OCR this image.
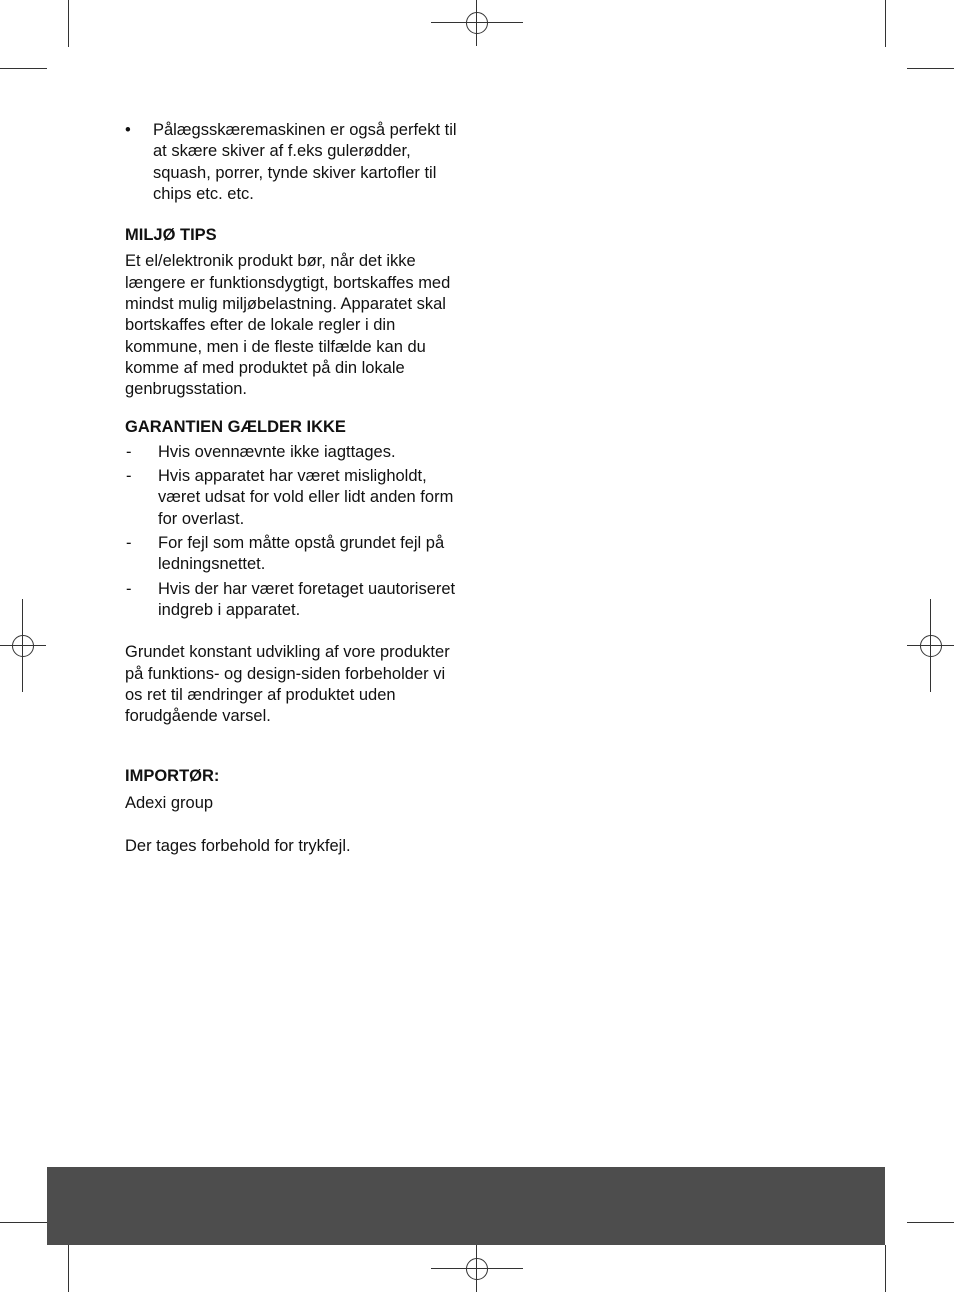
• Pålægsskæremaskinen er også perfekt til at skære skiver af f.eks gulerødder, squash, porrer, tynde skiver kartofler til chips etc. etc.
MILJØ TIPS

Et el/elektronik produkt bør, når det ikke længere er funktionsdygtigt, bortskaffes med mindst mulig miljøbelastning. Apparatet skal bortskaffes efter de lokale regler i din kommune, men i de fleste tilfælde kan du komme af med produktet på din lokale genbrugsstation.

GARANTIEN GÆLDER IKKE
- Hvis ovennævnte ikke iagttages.
- Hvis apparatet har været misligholdt, været udsat for vold eller lidt anden form for overlast.
- For fejl som måtte opstå grundet fejl på ledningsnettet.
- Hvis der har været foretaget uautoriseret indgreb i apparatet.

Grundet konstant udvikling af vore produkter på funktions- og design-siden forbeholder vi os ret til ændringer af produktet uden forudgående varsel.

IMPORTØR:

Adexi group

Der tages forbehold for trykfejl.
